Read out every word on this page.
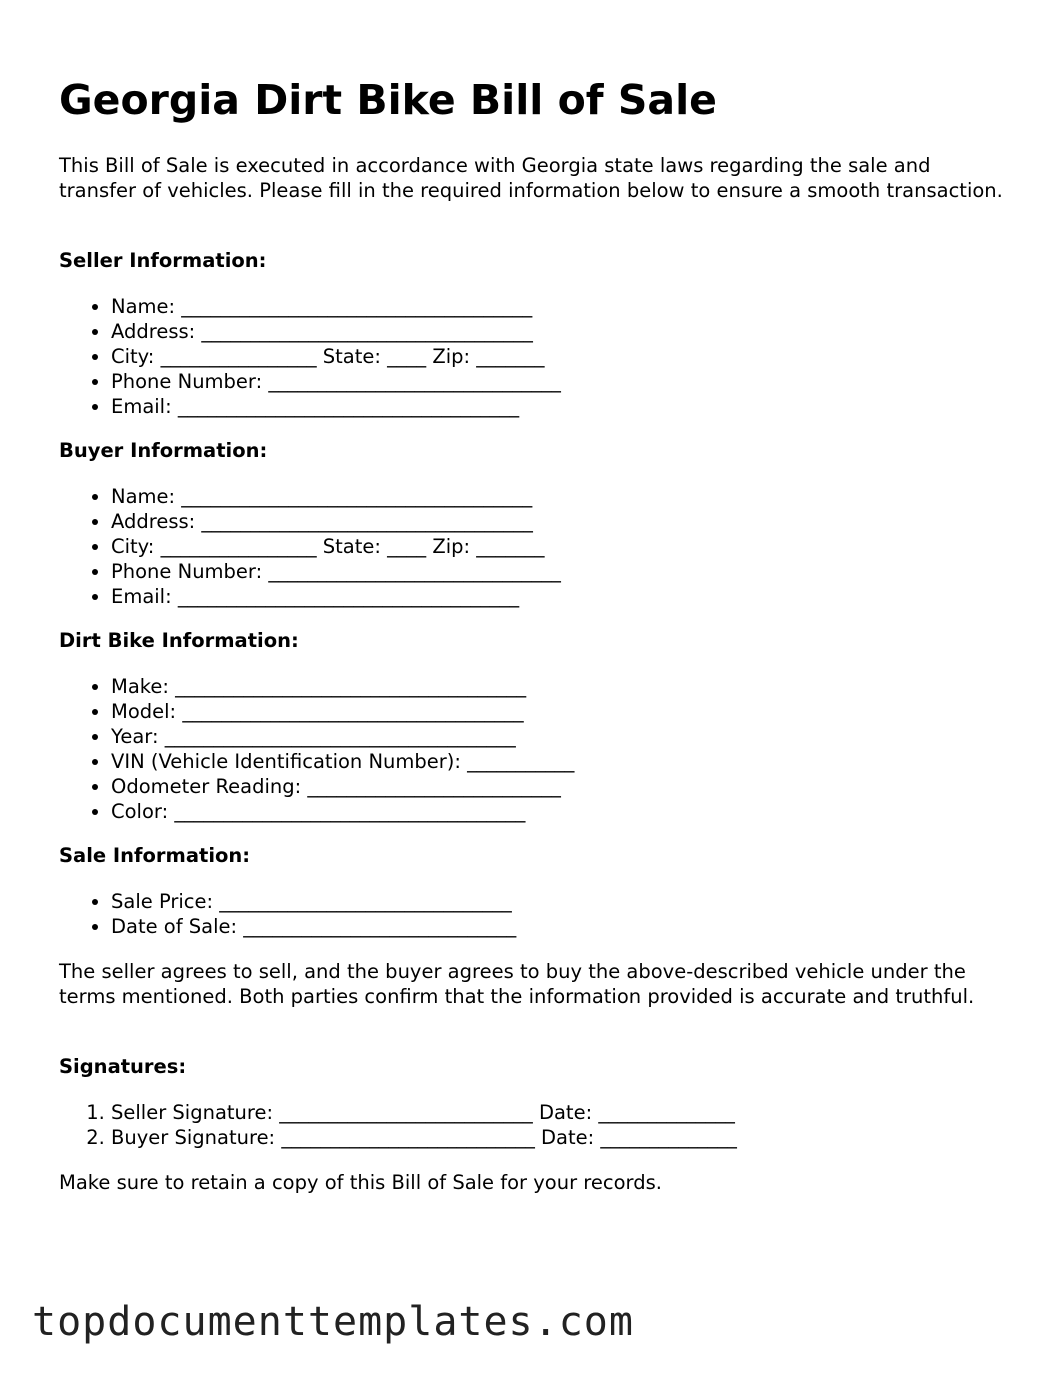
Georgia Dirt Bike Bill of Sale

This Bill of Sale is executed in accordance with Georgia state laws regarding the sale and transfer of vehicles. Please fill in the required information below to ensure a smooth transaction.

Seller Information:

• Name: ____________________________________
• Address: __________________________________
• City: ________________ State: ____ Zip: _______
• Phone Number: ______________________________
• Email: ___________________________________

Buyer Information:

• Name: ____________________________________
• Address: __________________________________
• City: ________________ State: ____ Zip: _______
• Phone Number: ______________________________
• Email: ___________________________________

Dirt Bike Information:

• Make: ____________________________________
• Model: ___________________________________
• Year: ____________________________________
• VIN (Vehicle Identification Number): ___________
• Odometer Reading: __________________________
• Color: ____________________________________

Sale Information:

• Sale Price: ______________________________
• Date of Sale: ____________________________

The seller agrees to sell, and the buyer agrees to buy the above-described vehicle under the terms mentioned. Both parties confirm that the information provided is accurate and truthful.

Signatures:

1. Seller Signature: __________________________ Date: ______________
2. Buyer Signature: __________________________ Date: ______________

Make sure to retain a copy of this Bill of Sale for your records.

topdocumenttemplates.com
